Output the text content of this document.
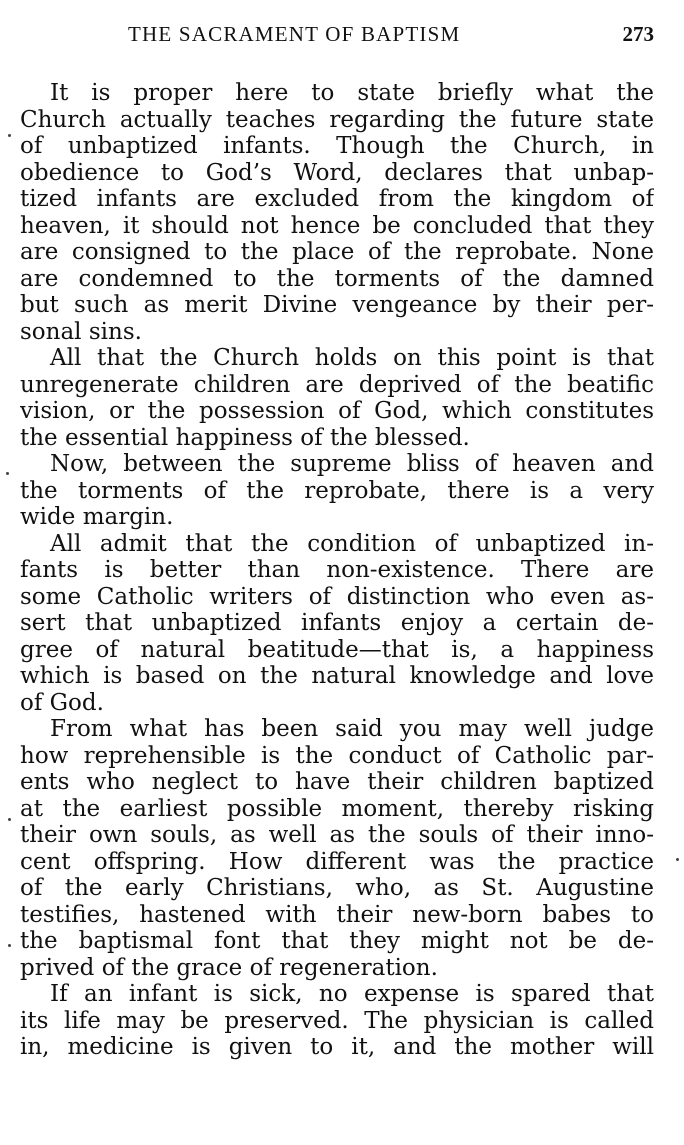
THE SACRAMENT OF BAPTISM	273
It is proper here to state briefly what the
Church actually teaches regarding the future state
of unbaptized infants. Though the Church, in
obedience to God’s Word, declares that unbap-
tized infants are excluded from the kingdom of
heaven, it should not hence be concluded that they
are consigned to the place of the reprobate. None
are condemned to the torments of the damned
but such as merit Divine vengeance by their per-
sonal sins.
All that the Church holds on this point is that
unregenerate children are deprived of the beatific
vision, or the possession of God, which constitutes
the essential happiness of the blessed.
Now, between the supreme bliss of heaven and
the torments of the reprobate, there is a very
wide margin.
All admit that the condition of unbaptized in-
fants is better than non-existence. There are
some Catholic writers of distinction who even as-
sert that unbaptized infants enjoy a certain de-
gree of natural beatitude—that is, a happiness
which is based on the natural knowledge and love
of God.
From what has been said you may well judge
how reprehensible is the conduct of Catholic par-
ents who neglect to have their children baptized
at the earliest possible moment, thereby risking
their own souls, as well as the souls of their inno-
cent offspring. How different was the practice
of the early Christians, who, as St. Augustine
testifies, hastened with their new-born babes to
the baptismal font that they might not be de-
prived of the grace of regeneration.
If an infant is sick, no expense is spared that
its life may be preserved. The physician is called
in, medicine is given to it, and the mother will
